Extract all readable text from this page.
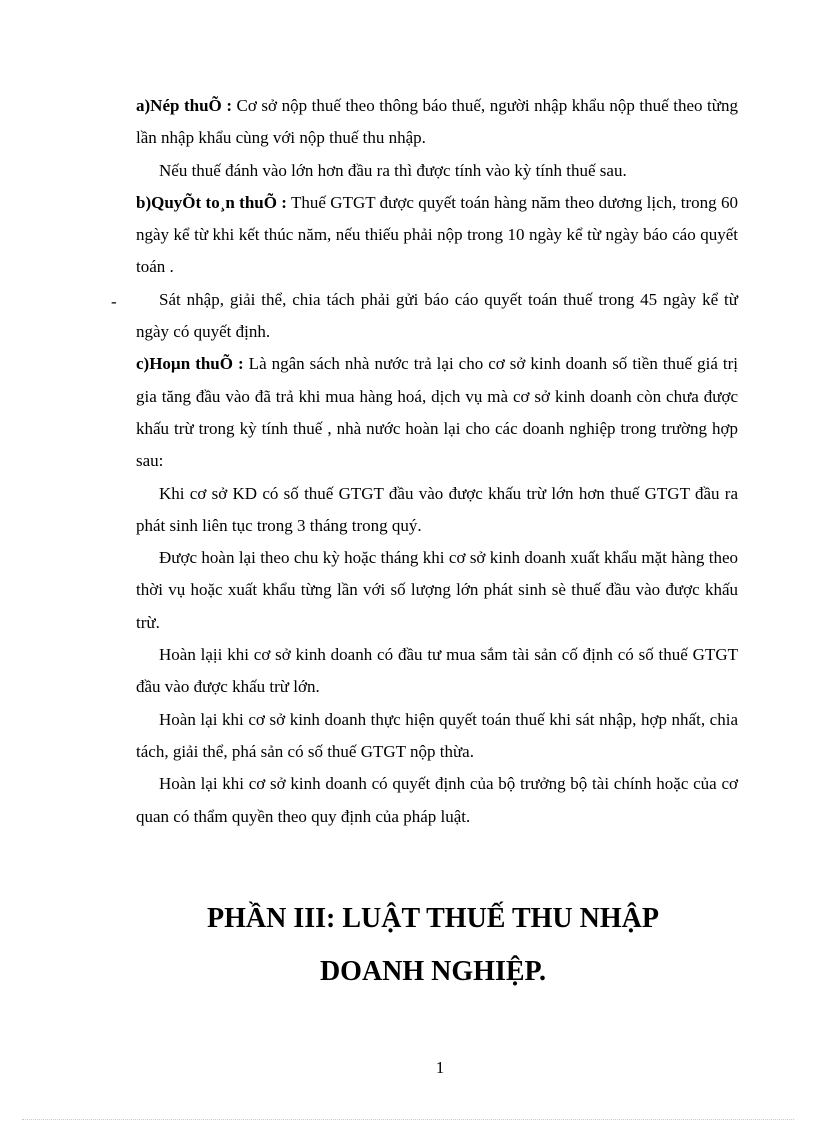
a)Nép thuÕ : Cơ sở nộp thuế theo thông báo thuế, người nhập khẩu nộp thuế theo từng lần nhập khẩu cùng với nộp thuế thu nhập.

Nếu thuế đánh vào lớn hơn đầu ra thì được tính vào kỳ tính thuế sau.

b)QuyÕt to¸n thuÕ : Thuế GTGT được quyết toán hàng năm theo dương lịch, trong 60 ngày kể từ khi kết thúc năm, nếu thiếu phải nộp trong 10 ngày kể từ ngày báo cáo quyết toán .

Sát nhập, giải thể, chia tách phải gửi báo cáo quyết toán thuế trong 45 ngày kể từ ngày có quyết định.

c)Hoµn thuÕ : Là ngân sách nhà nước trả lại cho cơ sở kinh doanh số tiền thuế giá trị gia tăng đầu vào đã trả khi mua hàng hoá, dịch vụ mà cơ sở kinh doanh còn chưa được khấu trừ trong kỳ tính thuế , nhà nước hoàn lại cho các doanh nghiệp trong trường hợp sau:

Khi cơ sở KD có số thuế GTGT đầu vào được khấu trừ lớn hơn thuế GTGT đầu ra phát sinh liên tục trong 3 tháng trong quý.

Được hoàn lại theo chu kỳ hoặc tháng khi cơ sở kinh doanh xuất khẩu mặt hàng theo thời vụ hoặc xuất khẩu từng lần với số lượng lớn phát sinh sè thuế đầu vào được khấu trừ.

Hoàn lạịi khi cơ sở kinh doanh có đầu tư mua sắm tài sản cố định có số thuế GTGT đầu vào được khấu trừ lớn.

Hoàn lại khi cơ sở kinh doanh thực hiện quyết toán thuế khi sát nhập, hợp nhất, chia tách, giải thể, phá sản có số thuế GTGT nộp thừa.

Hoàn lại khi cơ sở kinh doanh có quyết định của bộ trưởng bộ tài chính hoặc của cơ quan có thẩm quyền theo quy định của pháp luật.

-
PHẦN III: LUẬT THUẾ THU NHẬP
DOANH NGHIỆP.
1
